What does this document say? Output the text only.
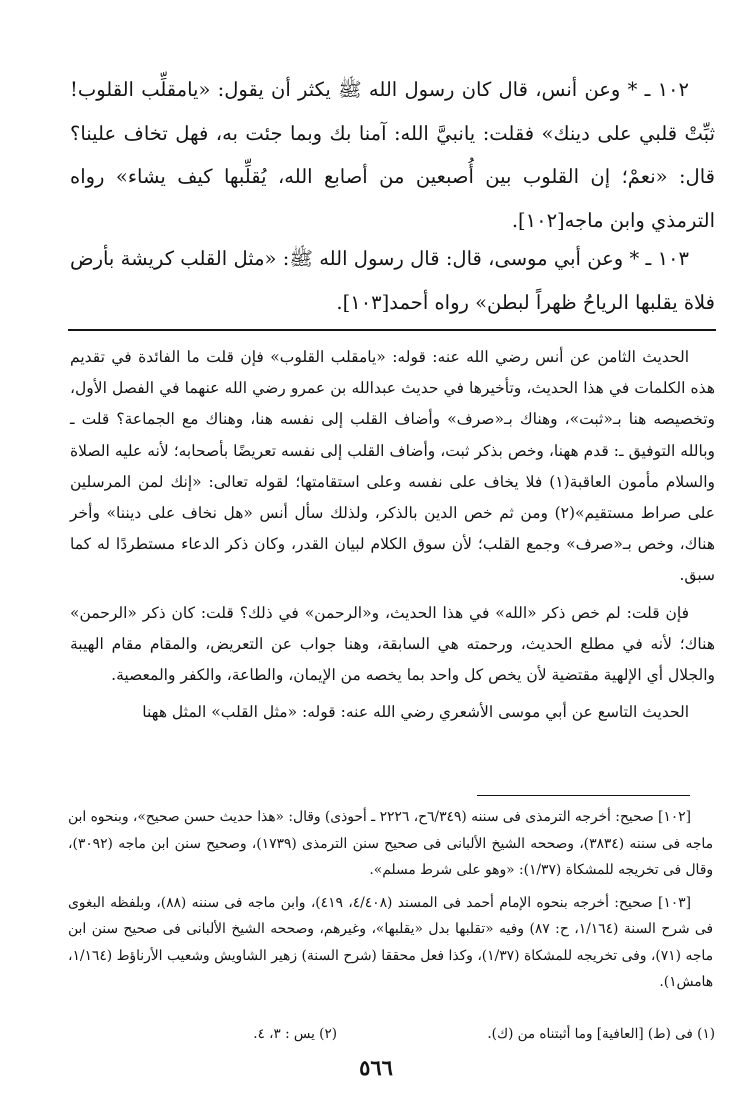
١٠٢ ـ * وعن أنس، قال كان رسول الله ﷺ يكثر أن يقول: «يامقلِّب القلوب! ثبِّتْ قلبي على دينك» فقلت: يانبيَّ الله: آمنا بك وبما جئت به، فهل تخاف علينا؟ قال: «نعمْ؛ إن القلوب بين أُصبعين من أصابع الله، يُقلِّبها كيف يشاء» رواه الترمذي وابن ماجه[١٠٢].

١٠٣ ـ * وعن أبي موسى، قال: قال رسول الله ﷺ: «مثل القلب كريشة بأرض فلاة يقلبها الرياحُ ظهراً لبطن» رواه أحمد[١٠٣].

الحديث الثامن عن أنس رضي الله عنه: قوله: «يامقلب القلوب» فإن قلت ما الفائدة في تقديم هذه الكلمات في هذا الحديث، وتأخيرها في حديث عبدالله بن عمرو رضي الله عنهما في الفصل الأول، وتخصيصه هنا بـ«ثبت»، وهناك بـ«صرف» وأضاف القلب إلى نفسه هنا، وهناك مع الجماعة؟ قلت ـ وبالله التوفيق ـ: قدم ههنا، وخص بذكر ثبت، وأضاف القلب إلى نفسه تعريضًا بأصحابه؛ لأنه عليه الصلاة والسلام مأمون العاقبة(١) فلا يخاف على نفسه وعلى استقامتها؛ لقوله تعالى: «إنك لمن المرسلين على صراط مستقيم»(٢) ومن ثم خص الدين بالذكر، ولذلك سأل أنس «هل نخاف على ديننا» وأخر هناك، وخص بـ«صرف» وجمع القلب؛ لأن سوق الكلام لبيان القدر، وكان ذكر الدعاء مستطردًا له كما سبق.

فإن قلت: لم خص ذكر «الله» في هذا الحديث، و«الرحمن» في ذلك؟ قلت: كان ذكر «الرحمن» هناك؛ لأنه في مطلع الحديث، ورحمته هي السابقة، وهنا جواب عن التعريض، والمقام مقام الهيبة والجلال أي الإلهية مقتضية لأن يخص كل واحد بما يخصه من الإيمان، والطاعة، والكفر والمعصية.

الحديث التاسع عن أبي موسى الأشعري رضي الله عنه: قوله: «مثل القلب» المثل ههنا

[١٠٢] صحيح: أخرجه الترمذى فى سننه (٦/٣٤٩ح، ٢٢٢٦ ـ أحوذى) وقال: «هذا حديث حسن صحيح»، وبنحوه ابن ماجه فى سننه (٣٨٣٤)، وصححه الشيخ الألبانى فى صحيح سنن الترمذى (١٧٣٩)، وصحيح سنن ابن ماجه (٣٠٩٢)، وقال فى تخريجه للمشكاة (١/٣٧): «وهو على شرط مسلم».

[١٠٣] صحيح: أخرجه بنحوه الإمام أحمد فى المسند (٤/٤٠٨، ٤١٩)، وابن ماجه فى سننه (٨٨)، وبلفظه البغوى فى شرح السنة (١/١٦٤، ح: ٨٧) وفيه «تقلبها بدل «يقلبها»، وغيرهم، وصححه الشيخ الألبانى فى صحيح سنن ابن ماجه (٧١)، وفى تخريجه للمشكاة (١/٣٧)، وكذا فعل محققا (شرح السنة) زهير الشاويش وشعيب الأرناؤط (١/١٦٤، هامش١).

(١) فى (ط) [العافية] وما أثبتناه من (ك).
(٢) يس : ٣، ٤.
٥٦٦
